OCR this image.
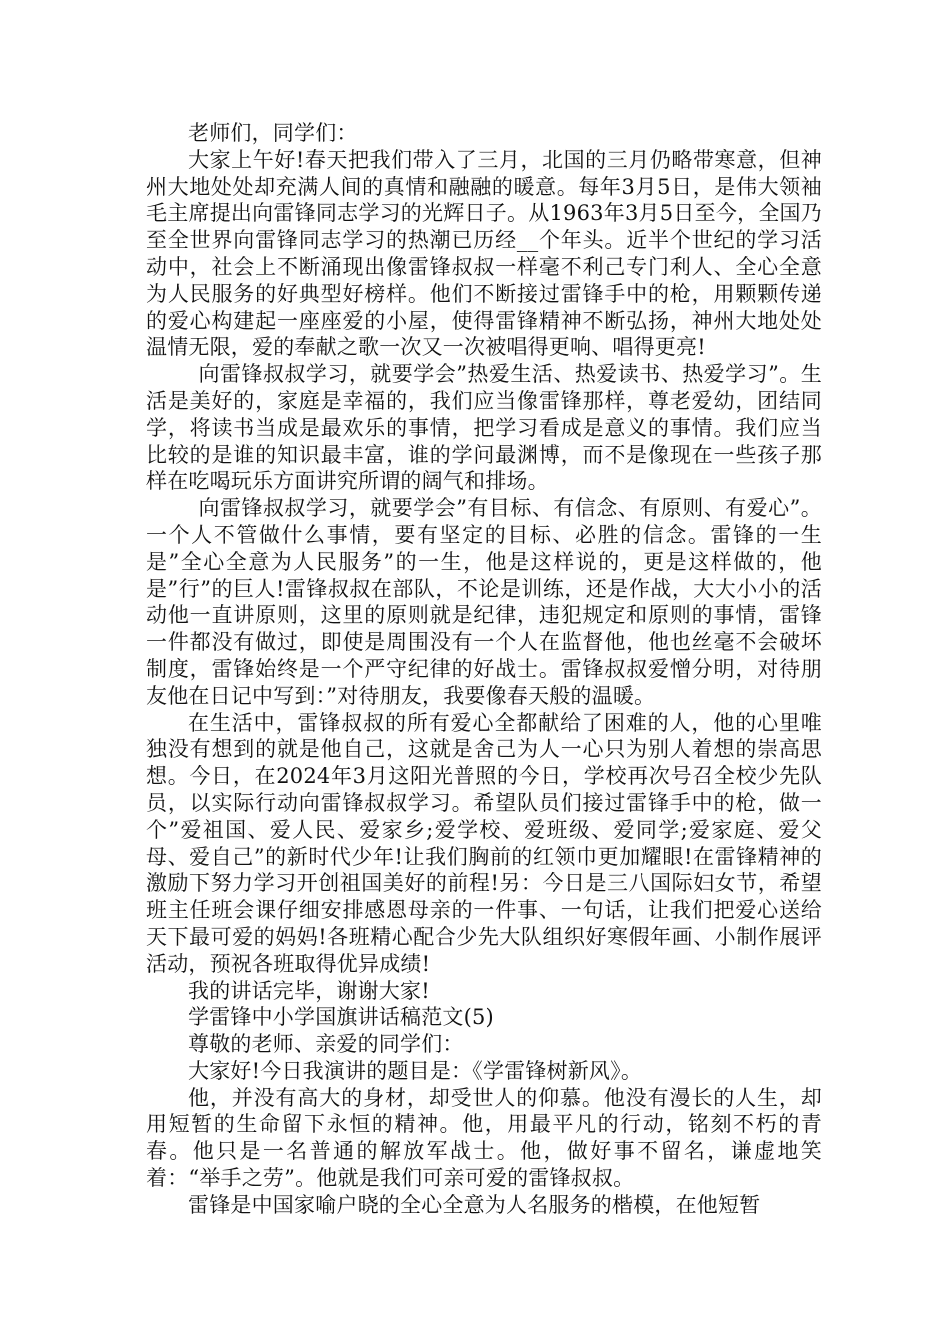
老师们，同学们：

大家上午好!春天把我们带入了三月，北国的三月仍略带寒意，但神州大地处处却充满人间的真情和融融的暖意。每年3月5日，是伟大领袖毛主席提出向雷锋同志学习的光辉日子。从1963年3月5日至今，全国乃至全世界向雷锋同志学习的热潮已历经__个年头。近半个世纪的学习活动中，社会上不断涌现出像雷锋叔叔一样毫不利己专门利人、全心全意为人民服务的好典型好榜样。他们不断接过雷锋手中的枪，用颗颗传递的爱心构建起一座座爱的小屋，使得雷锋精神不断弘扬，神州大地处处温情无限，爱的奉献之歌一次又一次被唱得更响、唱得更亮!

向雷锋叔叔学习，就要学会”热爱生活、热爱读书、热爱学习”。生活是美好的，家庭是幸福的，我们应当像雷锋那样，尊老爱幼，团结同学，将读书当成是最欢乐的事情，把学习看成是意义的事情。我们应当比较的是谁的知识最丰富，谁的学问最渊博，而不是像现在一些孩子那样在吃喝玩乐方面讲究所谓的阔气和排场。

向雷锋叔叔学习，就要学会”有目标、有信念、有原则、有爱心”。一个人不管做什么事情，要有坚定的目标、必胜的信念。雷锋的一生是”全心全意为人民服务”的一生，他是这样说的，更是这样做的，他是”行”的巨人!雷锋叔叔在部队，不论是训练，还是作战，大大小小的活动他一直讲原则，这里的原则就是纪律，违犯规定和原则的事情，雷锋一件都没有做过，即使是周围没有一个人在监督他，他也丝毫不会破坏制度，雷锋始终是一个严守纪律的好战士。雷锋叔叔爱憎分明，对待朋友他在日记中写到：”对待朋友，我要像春天般的温暖。

在生活中，雷锋叔叔的所有爱心全都献给了困难的人，他的心里唯独没有想到的就是他自己，这就是舍己为人一心只为别人着想的崇高思想。今日，在2024年3月这阳光普照的今日，学校再次号召全校少先队员，以实际行动向雷锋叔叔学习。希望队员们接过雷锋手中的枪，做一个”爱祖国、爱人民、爱家乡;爱学校、爱班级、爱同学;爱家庭、爱父母、爱自己”的新时代少年!让我们胸前的红领巾更加耀眼!在雷锋精神的激励下努力学习开创祖国美好的前程!另：今日是三八国际妇女节，希望班主任班会课仔细安排感恩母亲的一件事、一句话，让我们把爱心送给天下最可爱的妈妈!各班精心配合少先大队组织好寒假年画、小制作展评活动，预祝各班取得优异成绩!

我的讲话完毕，谢谢大家!

学雷锋中小学国旗讲话稿范文(5)

尊敬的老师、亲爱的同学们：

大家好!今日我演讲的题目是：《学雷锋树新风》。

他，并没有高大的身材，却受世人的仰慕。他没有漫长的人生，却用短暂的生命留下永恒的精神。他，用最平凡的行动，铭刻不朽的青春。他只是一名普通的解放军战士。他，做好事不留名，谦虚地笑着：“举手之劳”。他就是我们可亲可爱的雷锋叔叔。

雷锋是中国家喻户晓的全心全意为人名服务的楷模，在他短暂
